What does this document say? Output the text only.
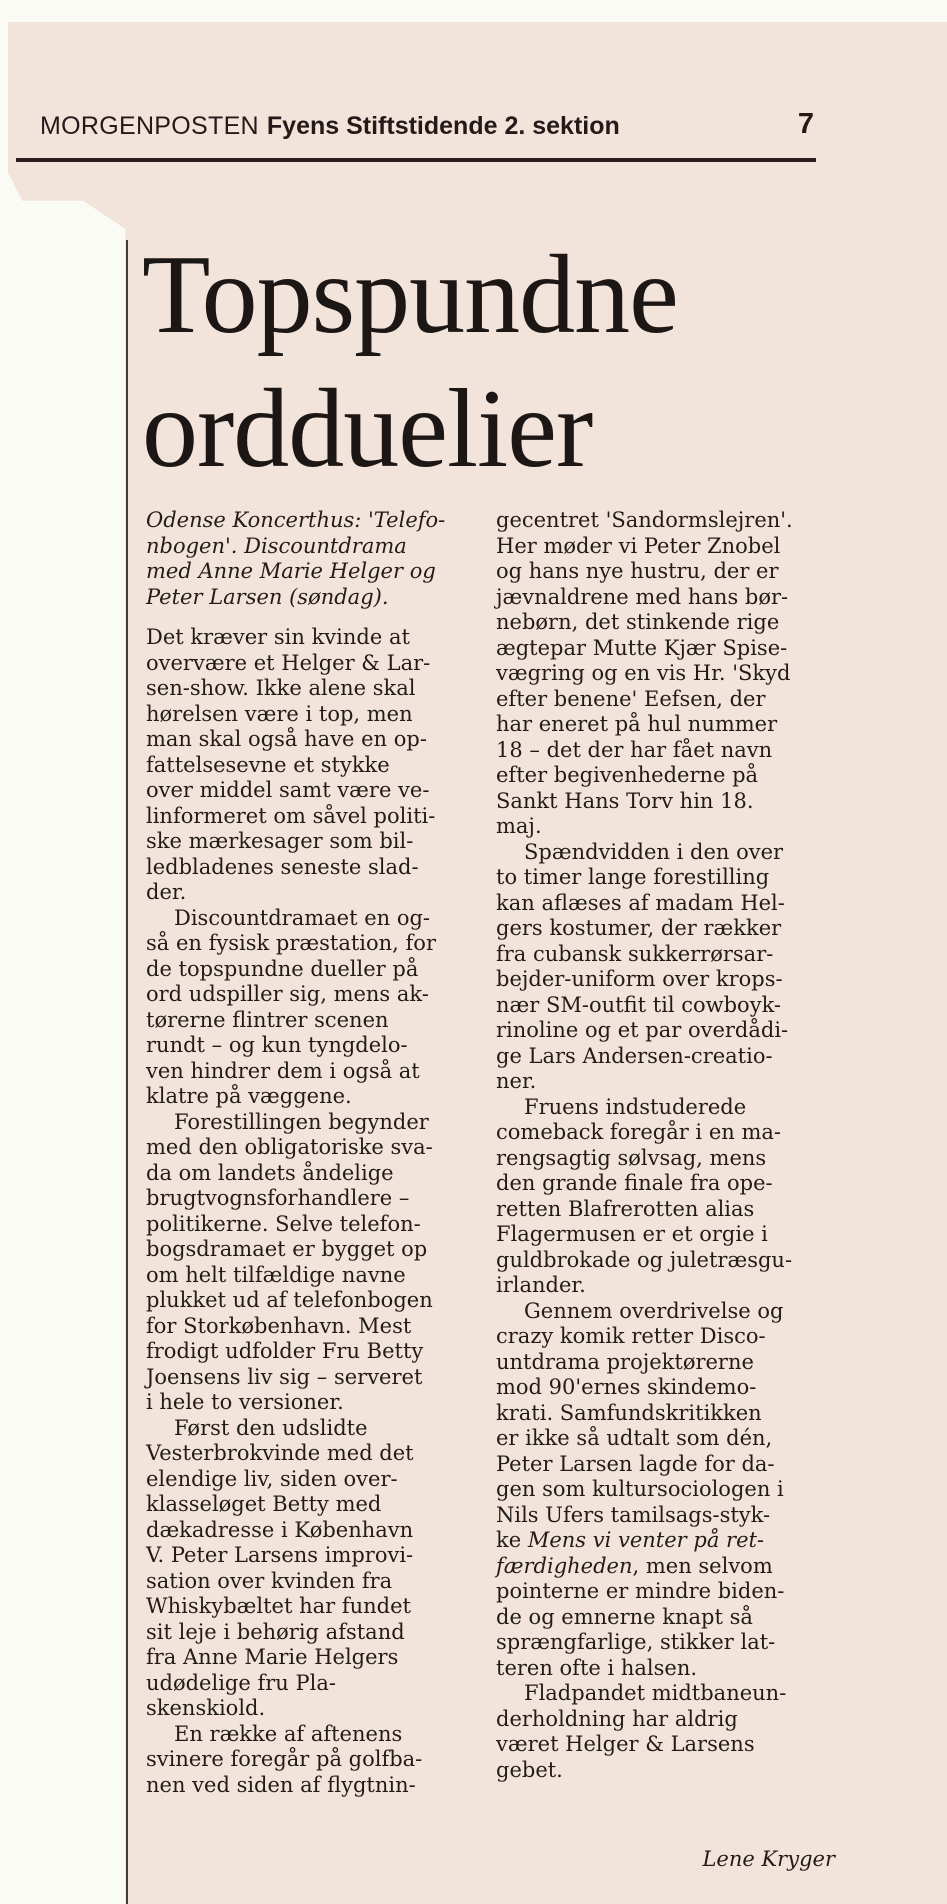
MORGENPOSTEN Fyens Stiftstidende 2. sektion	7
Topspundne
ordduelier

Odense Koncerthus: 'Telefo-

nbogen'. Discountdrama

med Anne Marie Helger og

Peter Larsen (søndag).

Det kræver sin kvinde at

overvære et Helger & Lar-

sen-show. Ikke alene skal

hørelsen være i top, men

man skal også have en op-

fattelsesevne et stykke

over middel samt være ve-

linformeret om såvel politi-

ske mærkesager som bil-

ledbladenes seneste slad-

der.

Discountdramaet en og-

så en fysisk præstation, for

de topspundne dueller på

ord udspiller sig, mens ak-

tørerne flintrer scenen

rundt – og kun tyngdelo-

ven hindrer dem i også at

klatre på væggene.

Forestillingen begynder

med den obligatoriske sva-

da om landets åndelige

brugtvognsforhandlere –

politikerne. Selve telefon-

bogsdramaet er bygget op

om helt tilfældige navne

plukket ud af telefonbogen

for Storkøbenhavn. Mest

frodigt udfolder Fru Betty

Joensens liv sig – serveret

i hele to versioner.

Først den udslidte

Vesterbrokvinde med det

elendige liv, siden over-

klasseløget Betty med

dækadresse i København

V. Peter Larsens improvi-

sation over kvinden fra

Whiskybæltet har fundet

sit leje i behørig afstand

fra Anne Marie Helgers

udødelige fru Pla-

skenskiold.

En række af aftenens

svinere foregår på golfba-

nen ved siden af flygtnin-

gecentret 'Sandormslejren'.

Her møder vi Peter Znobel

og hans nye hustru, der er

jævnaldrene med hans bør-

nebørn, det stinkende rige

ægtepar Mutte Kjær Spise-

vægring og en vis Hr. 'Skyd

efter benene' Eefsen, der

har eneret på hul nummer

18 – det der har fået navn

efter begivenhederne på

Sankt Hans Torv hin 18.

maj.

Spændvidden i den over

to timer lange forestilling

kan aflæses af madam Hel-

gers kostumer, der rækker

fra cubansk sukkerrørsar-

bejder-uniform over krops-

nær SM-outfit til cowboyk-

rinoline og et par overdådi-

ge Lars Andersen-creatio-

ner.

Fruens indstuderede

comeback foregår i en ma-

rengsagtig sølvsag, mens

den grande finale fra ope-

retten Blafrerotten alias

Flagermusen er et orgie i

guldbrokade og juletræsgu-

irlander.

Gennem overdrivelse og

crazy komik retter Disco-

untdrama projektørerne

mod 90'ernes skindemo-

krati. Samfundskritikken

er ikke så udtalt som dén,

Peter Larsen lagde for da-

gen som kultursociologen i

Nils Ufers tamilsags-styk-

ke Mens vi venter på ret-

færdigheden, men selvom

pointerne er mindre biden-

de og emnerne knapt så

sprængfarlige, stikker lat-

teren ofte i halsen.

Fladpandet midtbaneun-

derholdning har aldrig

været Helger & Larsens

gebet.

Lene Kryger
